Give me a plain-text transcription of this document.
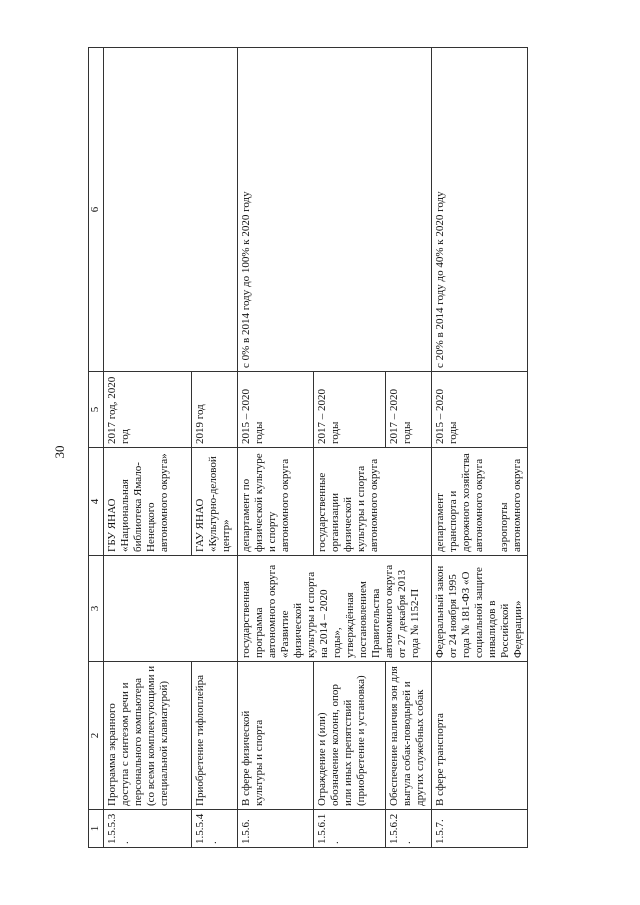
30
1	2	3	4	5	6
1.5.5.3.	Программа экранного доступа с синтезом речи и персонального компьютера (со всеми комплектующими и специальной клавиатурой)		ГБУ ЯНАО «Национальная библиотека Ямало-Ненецкого автономного округа»	2017 год, 2020 год	
1.5.5.4.	Приобретение тифлоплейра		ГАУ ЯНАО «Культурно-деловой центр»	2019 год	
1.5.6.	В сфере физической культуры и спорта	государственная программа автономного округа «Развитие физической культуры и спорта на 2014 – 2020 годы», утверждённая постановлением Правительства автономного округа от 27 декабря 2013 года № 1152-П	департамент по физической культуре и спорту автономного округа	2015 – 2020 годы	с 0% в 2014 году до 100% к 2020 году
1.5.6.1.	Ограждение и (или) обозначение колонн, опор или иных препятствий (приобретение и установка)		государственные организации физической культуры и спорта автономного округа	2017 – 2020 годы	
1.5.6.2.	Обеспечение наличия зон для выгула собак-поводырей и других служебных собак			2017 – 2020 годы	
1.5.7.	В сфере транспорта	Федеральный закон от 24 ноября 1995 года № 181-ФЗ «О социальной защите инвалидов в Российской Федерации»	департамент транспорта и дорожного хозяйства автономного округа аэропорты автономного округа	2015 – 2020 годы	с 20% в 2014 году до 40% к 2020 году
